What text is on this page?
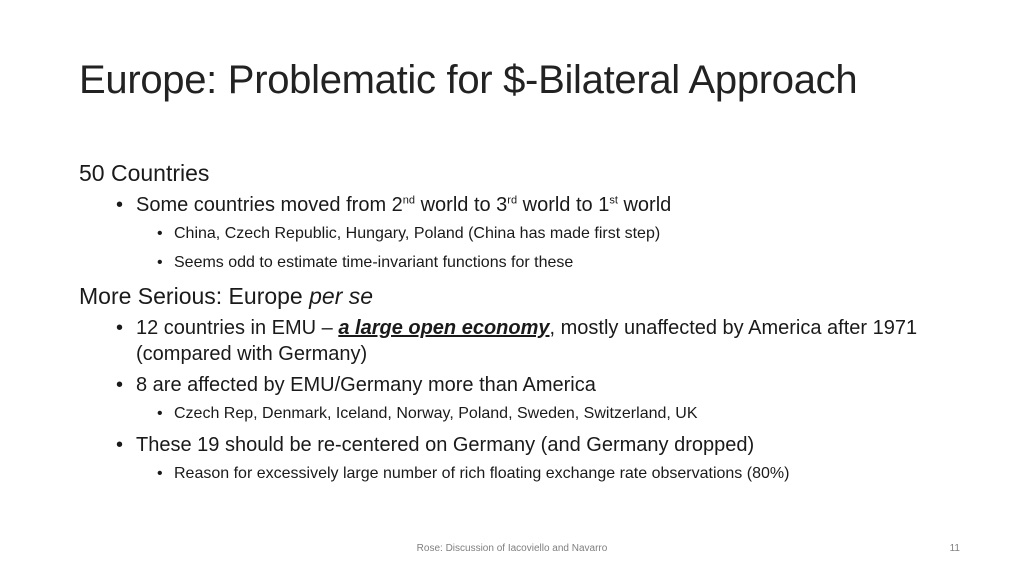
Europe: Problematic for $-Bilateral Approach
50 Countries
• Some countries moved from 2nd world to 3rd world to 1st world
• China, Czech Republic, Hungary, Poland (China has made first step)
• Seems odd to estimate time-invariant functions for these
More Serious: Europe per se
• 12 countries in EMU – a large open economy, mostly unaffected by America after 1971 (compared with Germany)
• 8 are affected by EMU/Germany more than America
• Czech Rep, Denmark, Iceland, Norway, Poland, Sweden, Switzerland, UK
• These 19 should be re-centered on Germany (and Germany dropped)
• Reason for excessively large number of rich floating exchange rate observations (80%)
Rose: Discussion of Iacoviello and Navarro	11
